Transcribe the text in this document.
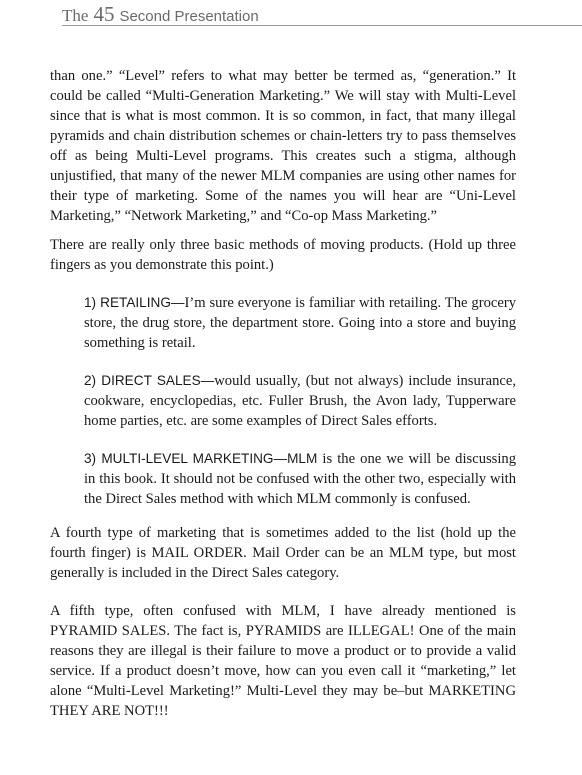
The 45 Second Presentation

than one.” “Level” refers to what may better be termed as, “generation.” It could be called “Multi-Generation Marketing.” We will stay with Multi-Level since that is what is most common. It is so common, in fact, that many illegal pyramids and chain distribution schemes or chain-letters try to pass themselves off as being Multi-Level programs. This creates such a stigma, although unjustified, that many of the newer MLM companies are using other names for their type of marketing. Some of the names you will hear are “Uni-Level Marketing,” “Network Marketing,” and “Co-op Mass Marketing.”

There are really only three basic methods of moving products. (Hold up three fingers as you demonstrate this point.)

1) RETAILING—I’m sure everyone is familiar with retailing. The grocery store, the drug store, the department store. Going into a store and buying something is retail.

2) DIRECT SALES—would usually, (but not always) include insurance, cookware, encyclopedias, etc. Fuller Brush, the Avon lady, Tupperware home parties, etc. are some examples of Direct Sales efforts.

3) MULTI-LEVEL MARKETING—MLM is the one we will be discussing in this book. It should not be confused with the other two, especially with the Direct Sales method with which MLM commonly is confused.

A fourth type of marketing that is sometimes added to the list (hold up the fourth finger) is MAIL ORDER. Mail Order can be an MLM type, but most generally is included in the Direct Sales category.

A fifth type, often confused with MLM, I have already mentioned is PYRAMID SALES. The fact is, PYRAMIDS are ILLEGAL! One of the main reasons they are illegal is their failure to move a product or to provide a valid service. If a product doesn’t move, how can you even call it “marketing,” let alone “Multi-Level Marketing!” Multi-Level they may be–but MARKETING THEY ARE NOT!!!
